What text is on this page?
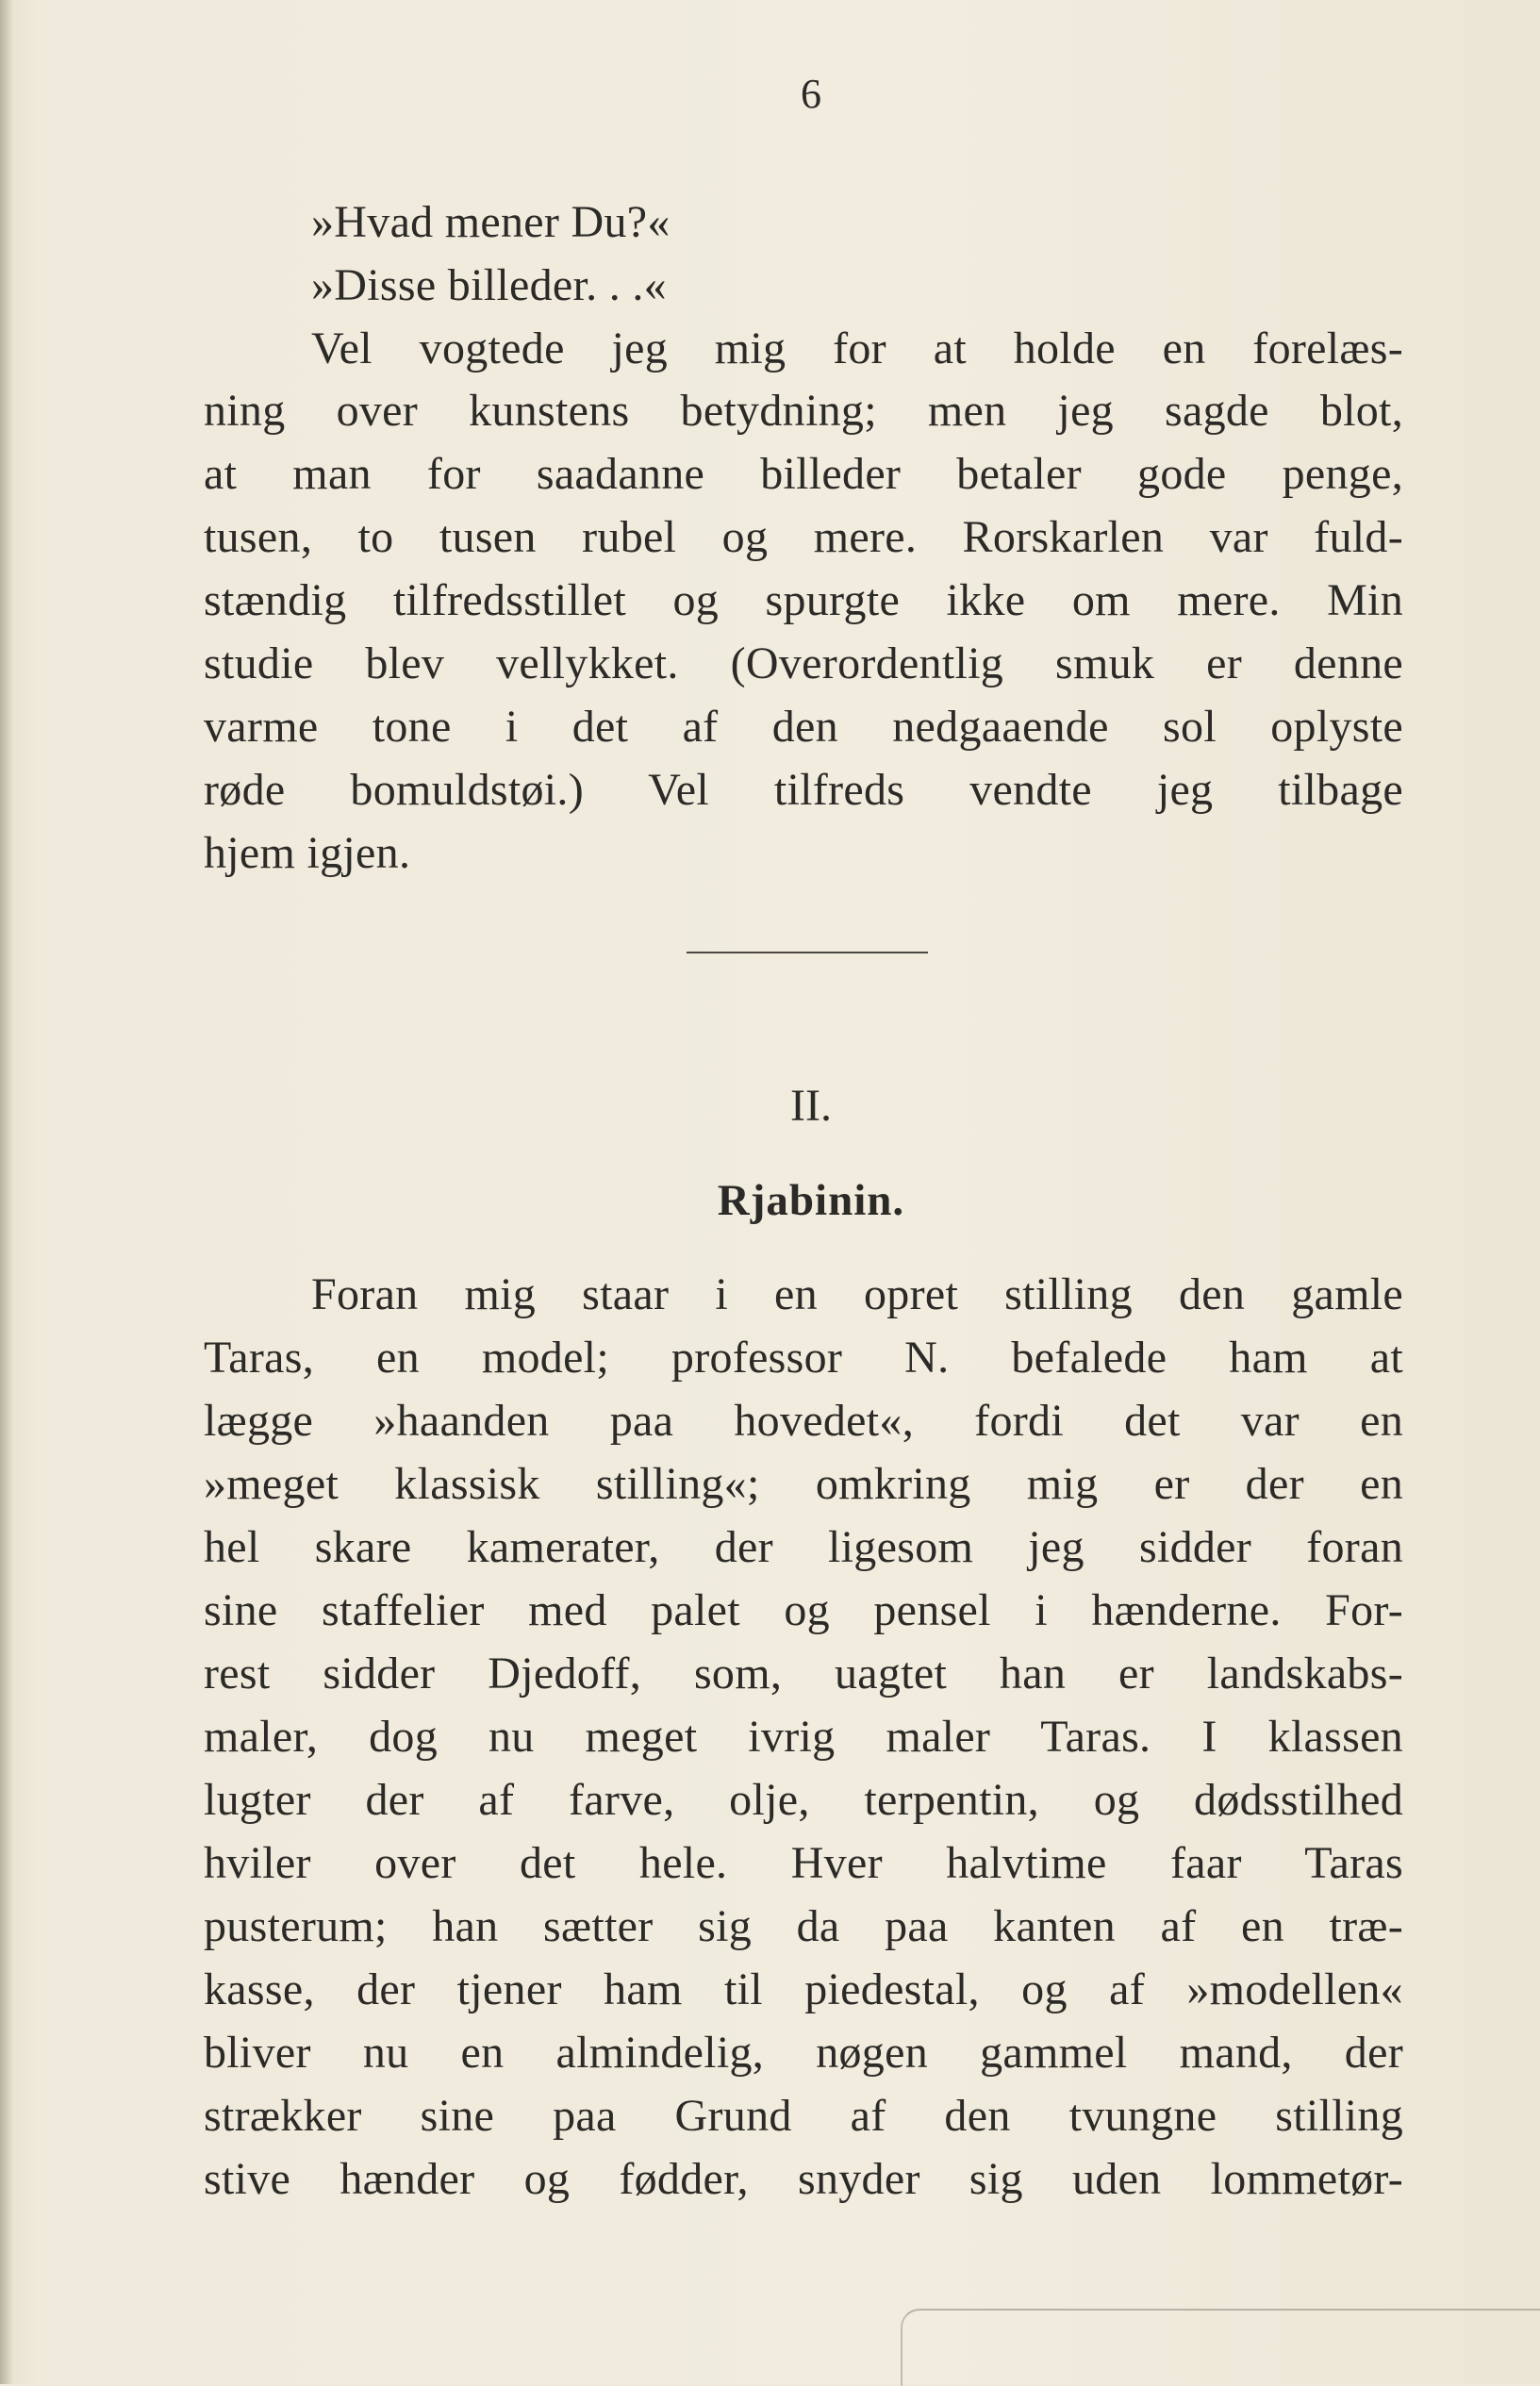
6
»Hvad mener Du?«
»Disse billeder. . .«
Vel vogtede jeg mig for at holde en forelæs-
ning over kunstens betydning; men jeg sagde blot,
at man for saadanne billeder betaler gode penge,
tusen, to tusen rubel og mere. Rorskarlen var fuld-
stændig tilfredsstillet og spurgte ikke om mere. Min
studie blev vellykket. (Overordentlig smuk er denne
varme tone i det af den nedgaaende sol oplyste
røde bomuldstøi.) Vel tilfreds vendte jeg tilbage
hjem igjen.
II.
Rjabinin.
Foran mig staar i en opret stilling den gamle
Taras, en model; professor N. befalede ham at
lægge »haanden paa hovedet«, fordi det var en
»meget klassisk stilling«; omkring mig er der en
hel skare kamerater, der ligesom jeg sidder foran
sine staffelier med palet og pensel i hænderne. For-
rest sidder Djedoff, som, uagtet han er landskabs-
maler, dog nu meget ivrig maler Taras. I klassen
lugter der af farve, olje, terpentin, og dødsstilhed
hviler over det hele. Hver halvtime faar Taras
pusterum; han sætter sig da paa kanten af en træ-
kasse, der tjener ham til piedestal, og af »modellen«
bliver nu en almindelig, nøgen gammel mand, der
strækker sine paa Grund af den tvungne stilling
stive hænder og fødder, snyder sig uden lommetør-
